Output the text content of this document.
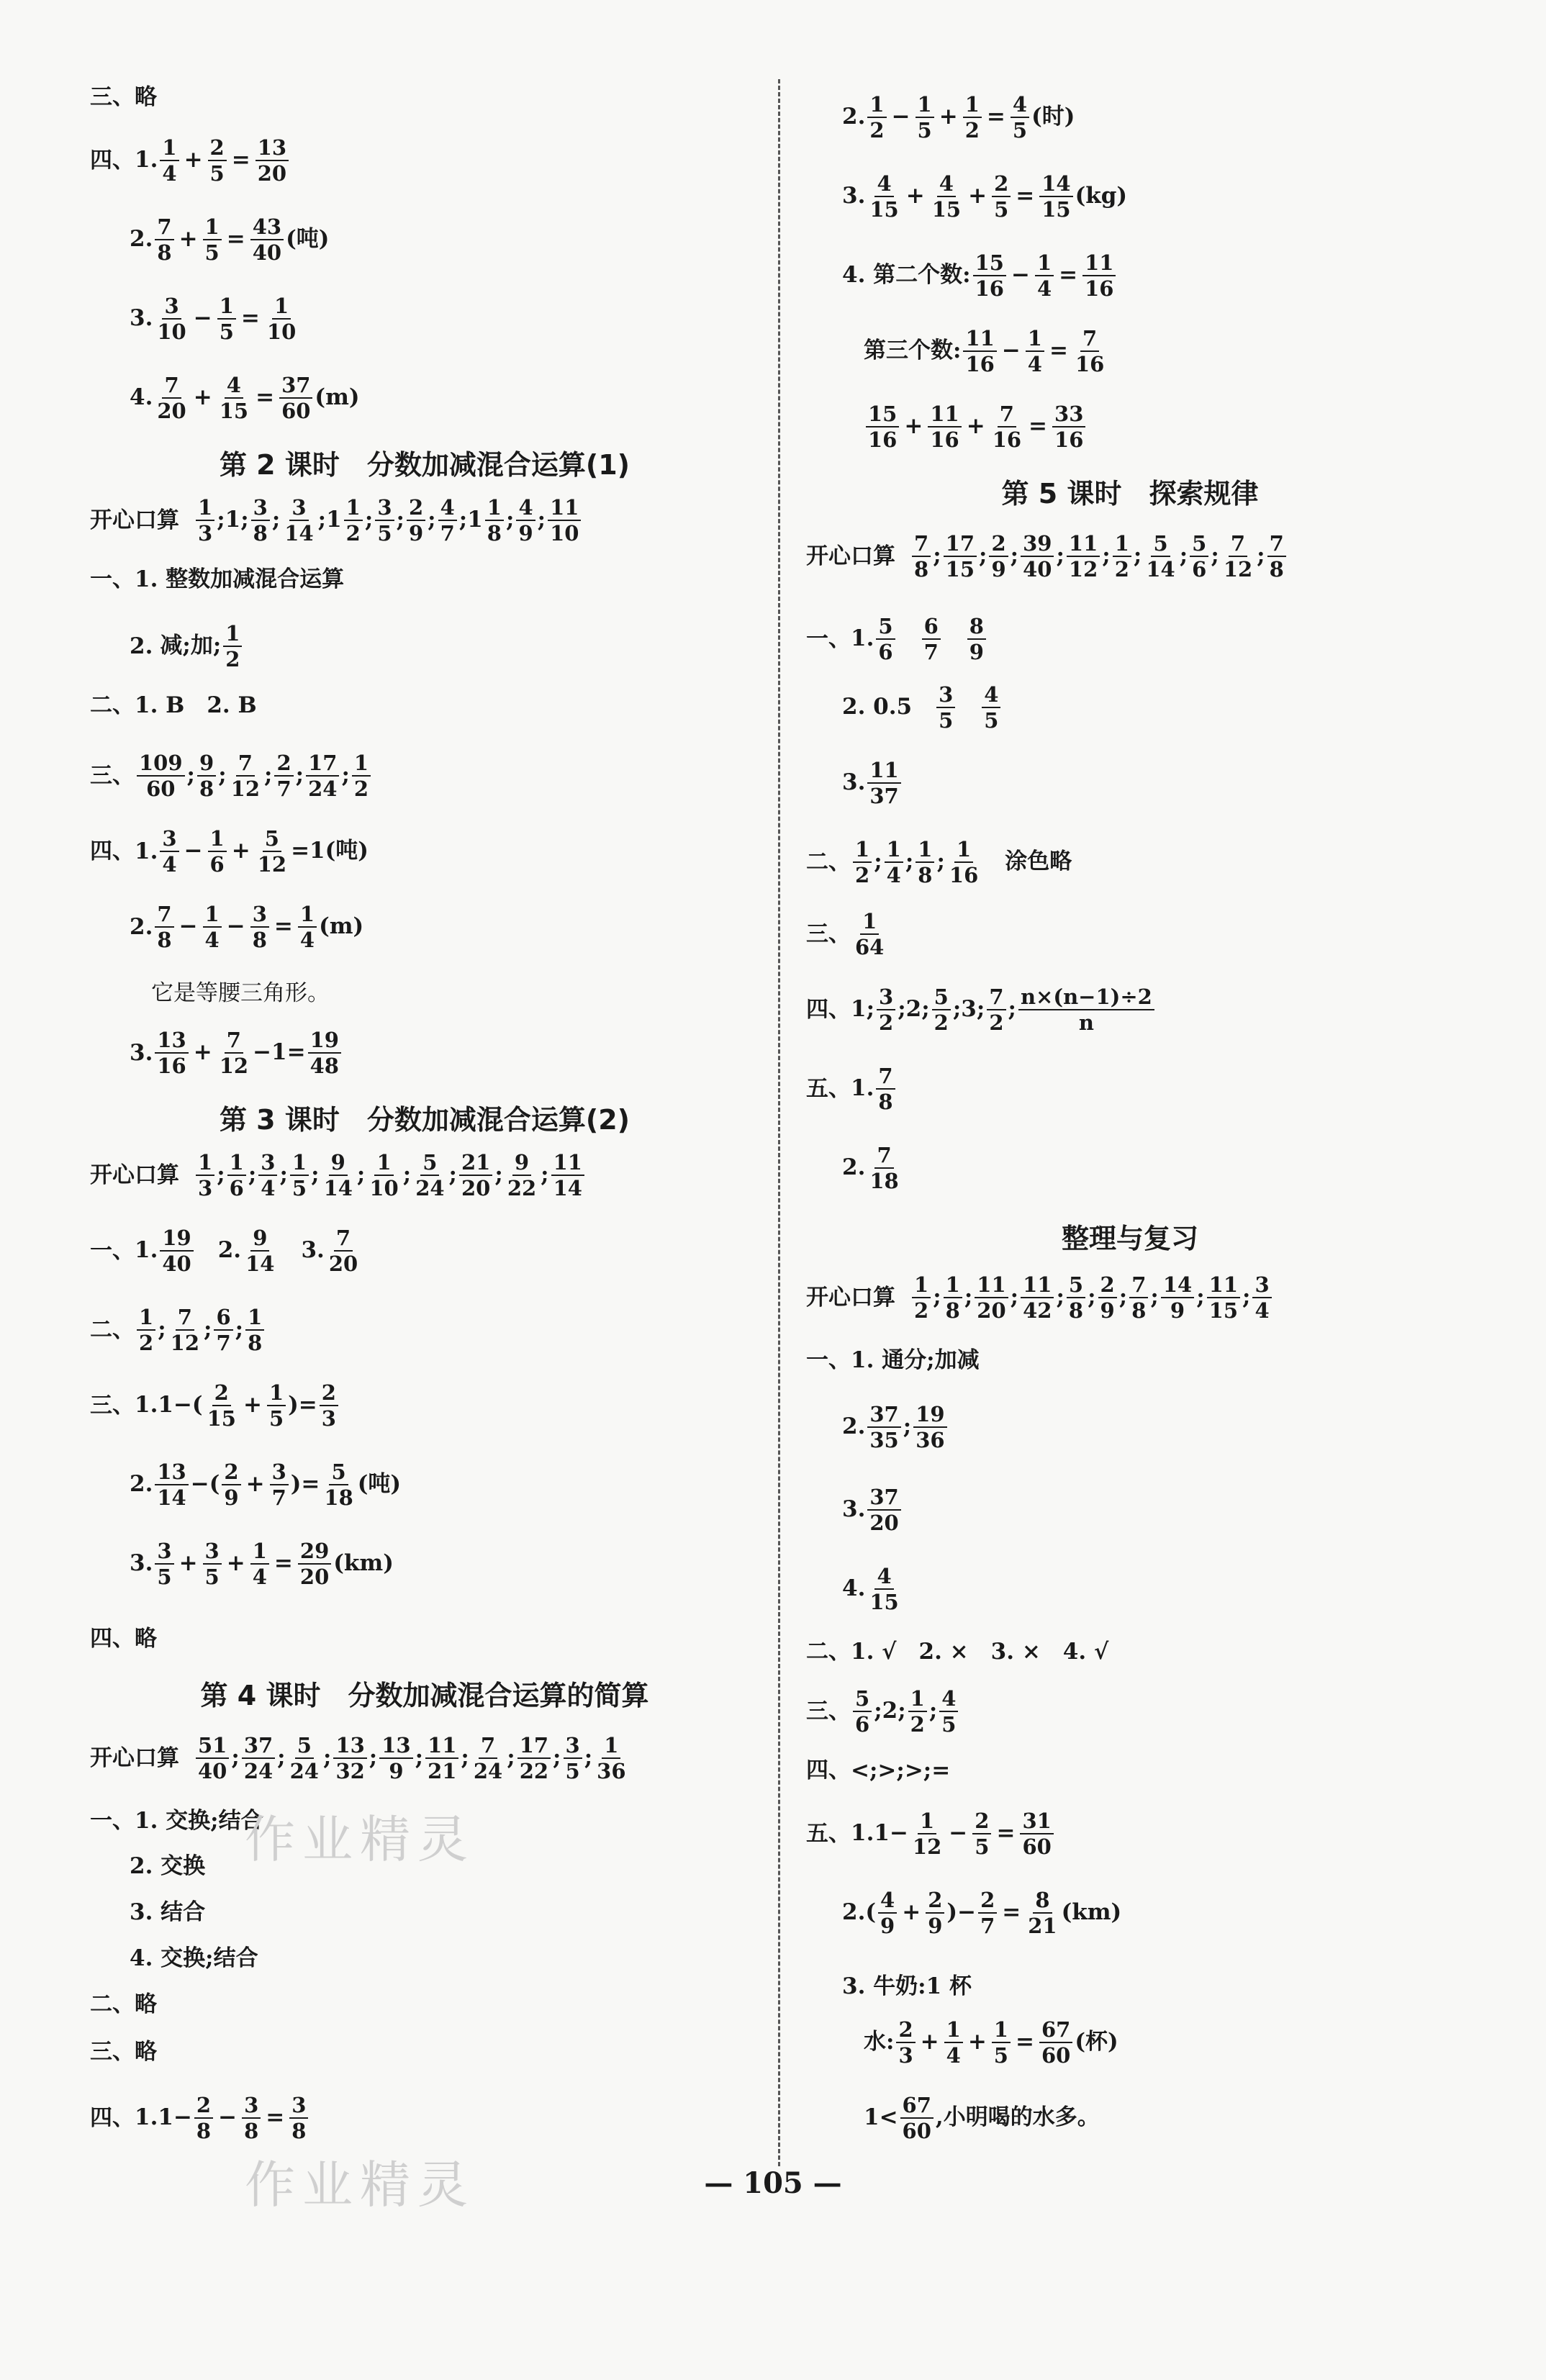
三、略
四、 1. $\frac{1}{4} + \frac{2}{5} = \frac{13}{20}$
2. $\frac{7}{8} + \frac{1}{5} = \frac{43}{40}$ (吨)
3. $\frac{3}{10} - \frac{1}{5} = \frac{1}{10}$
4. $\frac{7}{20} + \frac{4}{15} = \frac{37}{60} (m)$
第 2 课时　分数加减混合运算(1)
开心口算 $\frac{1}{3}$ ;1; $\frac{3}{8}$ ; $\frac{3}{14}$ ;1 $\frac{1}{2}$ ; $\frac{3}{5}$ ; $\frac{2}{9}$ ; $\frac{4}{7}$ ;1 $\frac{1}{8}$ ; $\frac{4}{9}$ ; $\frac{11}{10}$
一、 1. 整数加减混合运算
2. 减;加; $\frac{1}{2}$
二、 1. B　2. B
三、 $\frac{109}{60}$ ; $\frac{9}{8}$ ; $\frac{7}{12}$ ; $\frac{2}{7}$ ; $\frac{17}{24}$ ; $\frac{1}{2}$
四、 1. $\frac{3}{4} - \frac{1}{6} + \frac{5}{12} =1$(吨)
2. $\frac{7}{8} - \frac{1}{4} - \frac{3}{8} = \frac{1}{4} (m)$
它是等腰三角形。
3. $\frac{13}{16} + \frac{7}{12} -1= \frac{19}{48}$
第 3 课时　分数加减混合运算(2)
开心口算 $\frac{1}{3}$ ; $\frac{1}{6}$ ; $\frac{3}{4}$ ; $\frac{1}{5}$ ; $\frac{9}{14}$ ; $\frac{1}{10}$ ; $\frac{5}{24}$ ; $\frac{21}{20}$ ; $\frac{9}{22}$ ; $\frac{11}{14}$
一、 1. $\frac{19}{40}$ 　2. $\frac{9}{14}$ 　3. $\frac{7}{20}$
二、 $\frac{1}{2}$ ; $\frac{7}{12}$ ; $\frac{6}{7}$ ; $\frac{1}{8}$
三、 $1.1-( \frac{2}{15} + \frac{1}{5}$ )= $\frac{2}{3}$
2. $\frac{13}{14}$ −( $\frac{2}{9} + \frac{3}{7}$ )= $\frac{5}{18}$ (吨)
3. $\frac{3}{5} + \frac{3}{5} + \frac{1}{4} = \frac{29}{20} (km)$
四、略
第 4 课时　分数加减混合运算的简算
开心口算 $\frac{51}{40}$ ; $\frac{37}{24}$ ; $\frac{5}{24}$ ; $\frac{13}{32}$ ; $\frac{13}{9}$ ; $\frac{11}{21}$ ; $\frac{7}{24}$ ; $\frac{17}{22}$ ; $\frac{3}{5}$ ; $\frac{1}{36}$
一、 1. 交换;结合
2. 交换
3. 结合
4. 交换;结合
二、略
三、略
四、 $1.1- \frac{2}{8} - \frac{3}{8} = \frac{3}{8}$
2. $\frac{1}{2} - \frac{1}{5} + \frac{1}{2} = \frac{4}{5}$ (时)
3. $\frac{4}{15} + \frac{4}{15} + \frac{2}{5} = \frac{14}{15} (kg)$
4. 第二个数: $\frac{15}{16} - \frac{1}{4} = \frac{11}{16}$
第三个数: $\frac{11}{16} - \frac{1}{4} = \frac{7}{16}$
$\frac{15}{16} + \frac{11}{16} + \frac{7}{16} = \frac{33}{16}$
第 5 课时　探索规律
开心口算 $\frac{7}{8}$ ; $\frac{17}{15}$ ; $\frac{2}{9}$ ; $\frac{39}{40}$ ; $\frac{11}{12}$ ; $\frac{1}{2}$ ; $\frac{5}{14}$ ; $\frac{5}{6}$ ; $\frac{7}{12}$ ; $\frac{7}{8}$
一、 1. $\frac{5}{6}$
　 $\frac{6}{7}$
　 $\frac{8}{9}$
2. 0.5　 $\frac{3}{5}$
　 $\frac{4}{5}$
3. $\frac{11}{37}$
二、 $\frac{1}{2}$ ; $\frac{1}{4}$ ; $\frac{1}{8}$ ; $\frac{1}{16}$ 　涂色略
三、 $\frac{1}{64}$
四、 1; $\frac{3}{2}$ ;2; $\frac{5}{2}$ ;3; $\frac{7}{2}$ ; $\frac{n\times(n-1)\div 2}{n}$
五、 1. $\frac{7}{8}$
2. $\frac{7}{18}$
整理与复习
开心口算 $\frac{1}{2}$ ; $\frac{1}{8}$ ; $\frac{11}{20}$ ; $\frac{11}{42}$ ; $\frac{5}{8}$ ; $\frac{2}{9}$ ; $\frac{7}{8}$ ; $\frac{14}{9}$ ; $\frac{11}{15}$ ; $\frac{3}{4}$
一、 1. 通分;加减
2. $\frac{37}{35}$ ; $\frac{19}{36}$
3. $\frac{37}{20}$
4. $\frac{4}{15}$
二、 1. √　2. ×　3. ×　4. √
三、 $\frac{5}{6}$ ;2; $\frac{1}{2}$ ; $\frac{4}{5}$
四、 <;>;>;=
五、 $1.1- \frac{1}{12} - \frac{2}{5} = \frac{31}{60}$
$2.( \frac{4}{9} + \frac{2}{9}$ )− $\frac{2}{7} = \frac{8}{21} (km)$
3. 牛奶:1 杯
水: $\frac{2}{3} + \frac{1}{4} + \frac{1}{5} = \frac{67}{60}$ (杯)
$1< \frac{67}{60}$ ,小明喝的水多。
作业精灵
作业精灵	— 105 —
